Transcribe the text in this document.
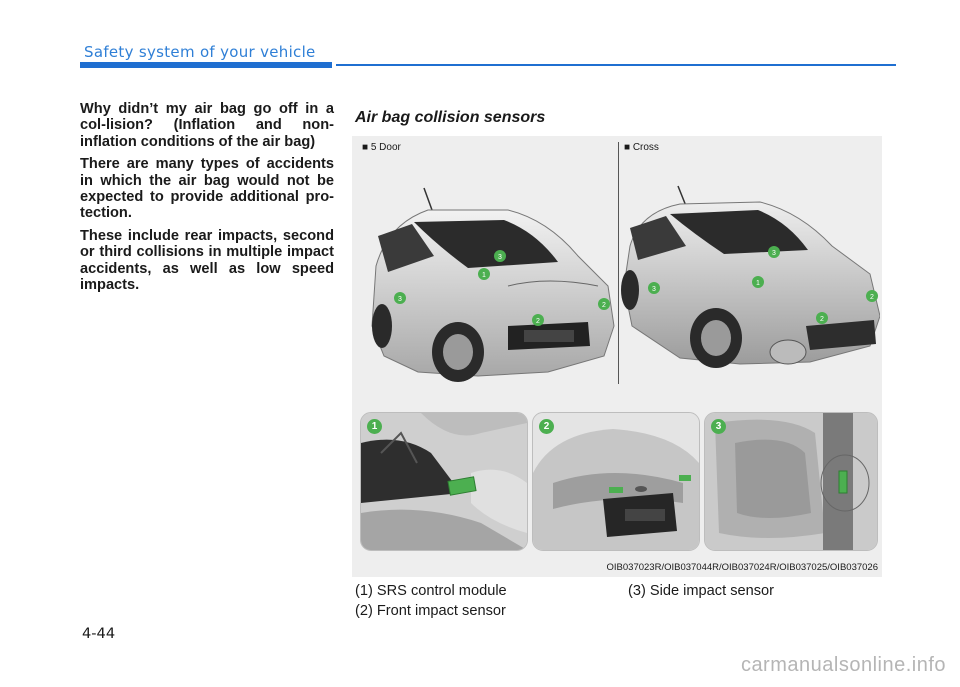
Safety system of your vehicle

Why didn’t my air bag go off in a col-lision? (Inflation and non-inflation conditions of the air bag)

There are many types of accidents in which the air bag would not be expected to provide additional pro-tection.

These include rear impacts, second or third collisions in multiple impact accidents, as well as low speed impacts.

Air bag collision sensors
■ 5 Door	■ Cross
3
1
3
2
2
3
1
3
2
2
1	2	3
OIB037023R/OIB037044R/OIB037024R/OIB037025/OIB037026
(1) SRS control module
(2) Front impact sensor
(3) Side impact sensor
4-44
carmanualsonline.info
